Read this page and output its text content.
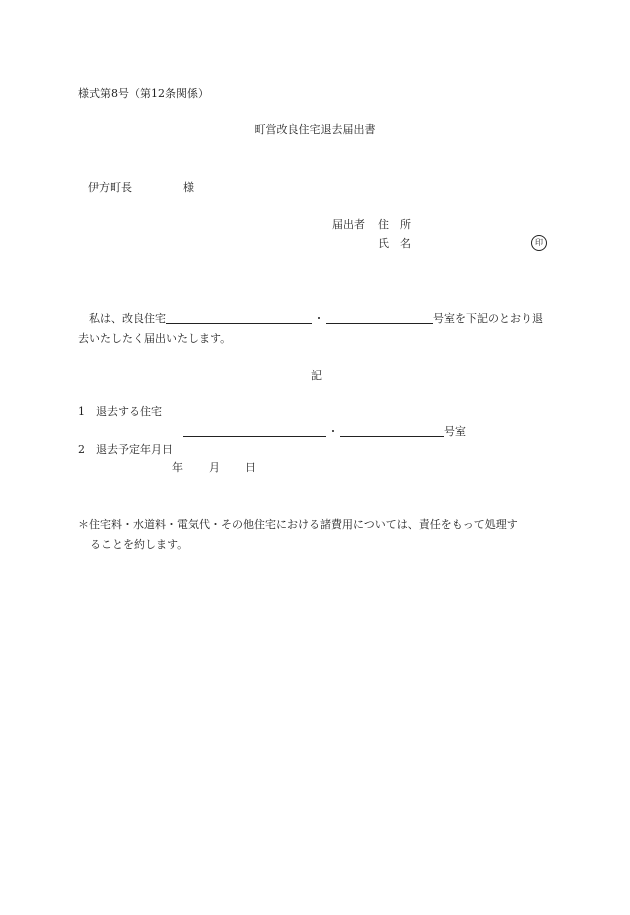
様式第8号（第12条関係）
町営改良住宅退去届出書
伊方町長	様
届出者 住　所
氏　名	印
私は、改良住宅	・	号室を下記のとおり退
去いたしたく届出いたします。
記
1 退去する住宅
・	号室
2 退去予定年月日
年 月 日
＊住宅料・水道料・電気代・その他住宅における諸費用については、責任をもって処理す
ることを約します。
